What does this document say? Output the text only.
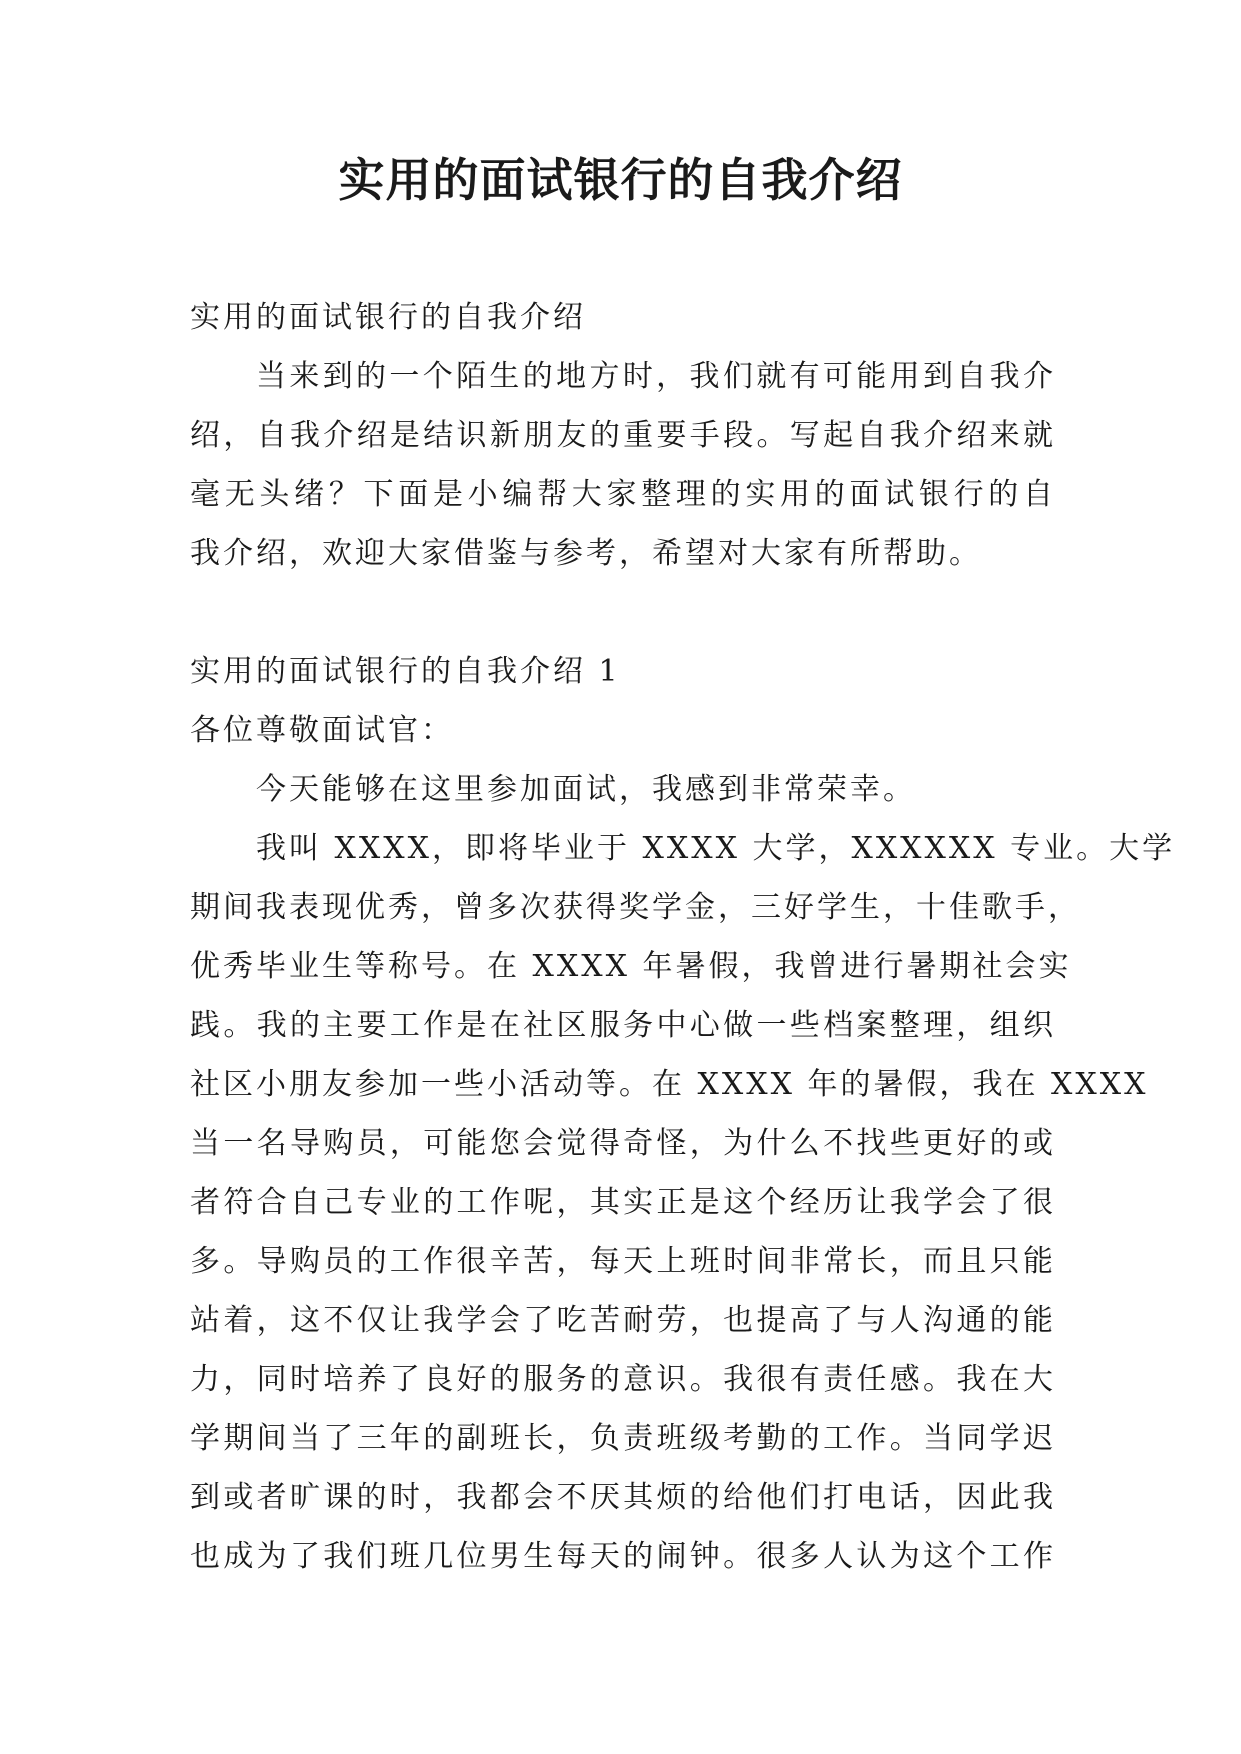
实用的面试银行的自我介绍

实用的面试银行的自我介绍

当来到的一个陌生的地方时，我们就有可能用到自我介

绍，自我介绍是结识新朋友的重要手段。写起自我介绍来就

毫无头绪？下面是小编帮大家整理的实用的面试银行的自

我介绍，欢迎大家借鉴与参考，希望对大家有所帮助。

实用的面试银行的自我介绍 1

各位尊敬面试官：

今天能够在这里参加面试，我感到非常荣幸。

我叫 XXXX，即将毕业于 XXXX 大学，XXXXXX 专业。大学

期间我表现优秀，曾多次获得奖学金，三好学生，十佳歌手，

优秀毕业生等称号。在 XXXX 年暑假，我曾进行暑期社会实

践。我的主要工作是在社区服务中心做一些档案整理，组织

社区小朋友参加一些小活动等。在 XXXX 年的暑假，我在 XXXX

当一名导购员，可能您会觉得奇怪，为什么不找些更好的或

者符合自己专业的工作呢，其实正是这个经历让我学会了很

多。导购员的工作很辛苦，每天上班时间非常长，而且只能

站着，这不仅让我学会了吃苦耐劳，也提高了与人沟通的能

力，同时培养了良好的服务的意识。我很有责任感。我在大

学期间当了三年的副班长，负责班级考勤的工作。当同学迟

到或者旷课的时，我都会不厌其烦的给他们打电话，因此我

也成为了我们班几位男生每天的闹钟。很多人认为这个工作
